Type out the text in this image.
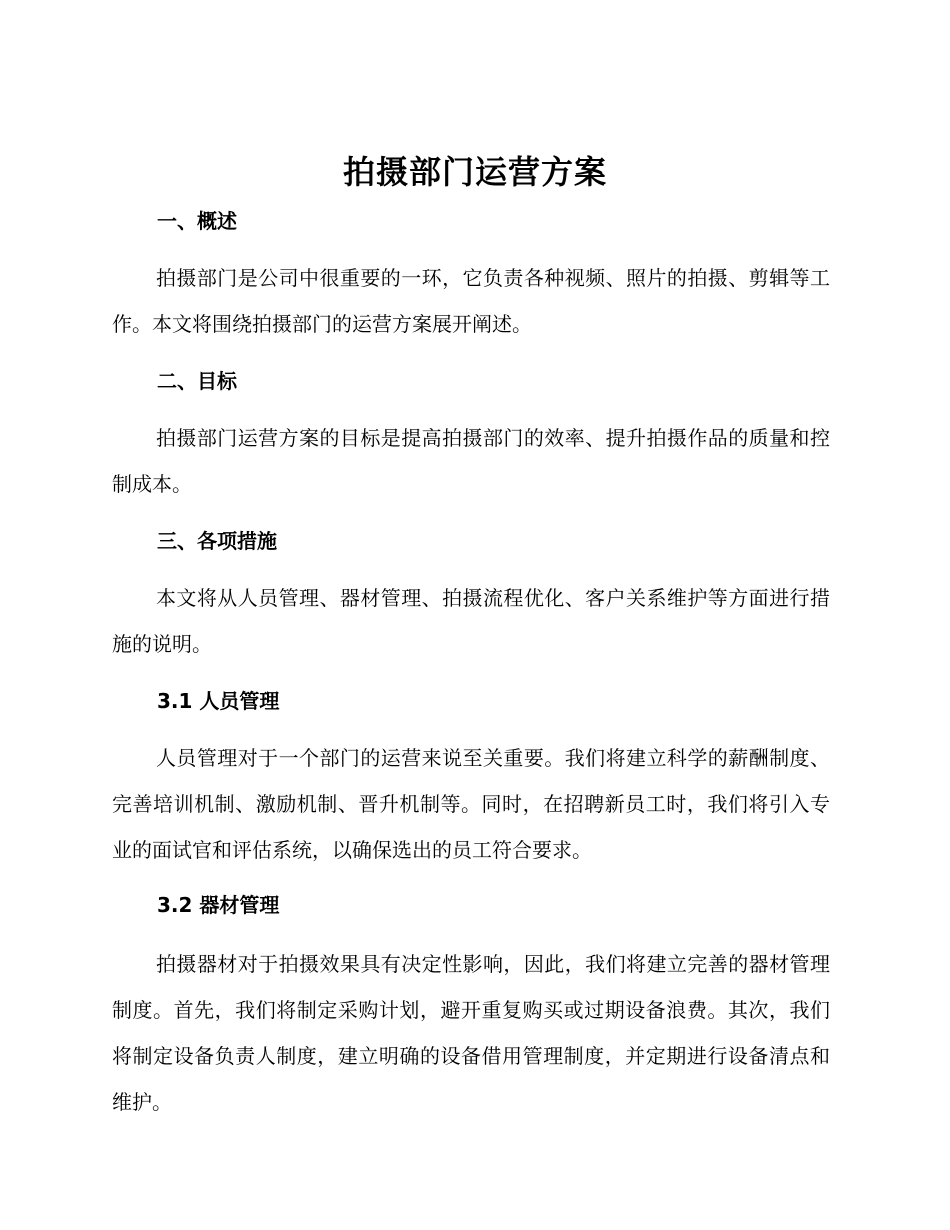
拍摄部门运营方案
一、概述
拍摄部门是公司中很重要的一环，它负责各种视频、照片的拍摄、剪辑等工作。本文将围绕拍摄部门的运营方案展开阐述。
二、目标
拍摄部门运营方案的目标是提高拍摄部门的效率、提升拍摄作品的质量和控制成本。
三、各项措施
本文将从人员管理、器材管理、拍摄流程优化、客户关系维护等方面进行措施的说明。
3.1 人员管理
人员管理对于一个部门的运营来说至关重要。我们将建立科学的薪酬制度、完善培训机制、激励机制、晋升机制等。同时，在招聘新员工时，我们将引入专业的面试官和评估系统，以确保选出的员工符合要求。
3.2 器材管理
拍摄器材对于拍摄效果具有决定性影响，因此，我们将建立完善的器材管理制度。首先，我们将制定采购计划，避开重复购买或过期设备浪费。其次，我们将制定设备负责人制度，建立明确的设备借用管理制度，并定期进行设备清点和维护。
